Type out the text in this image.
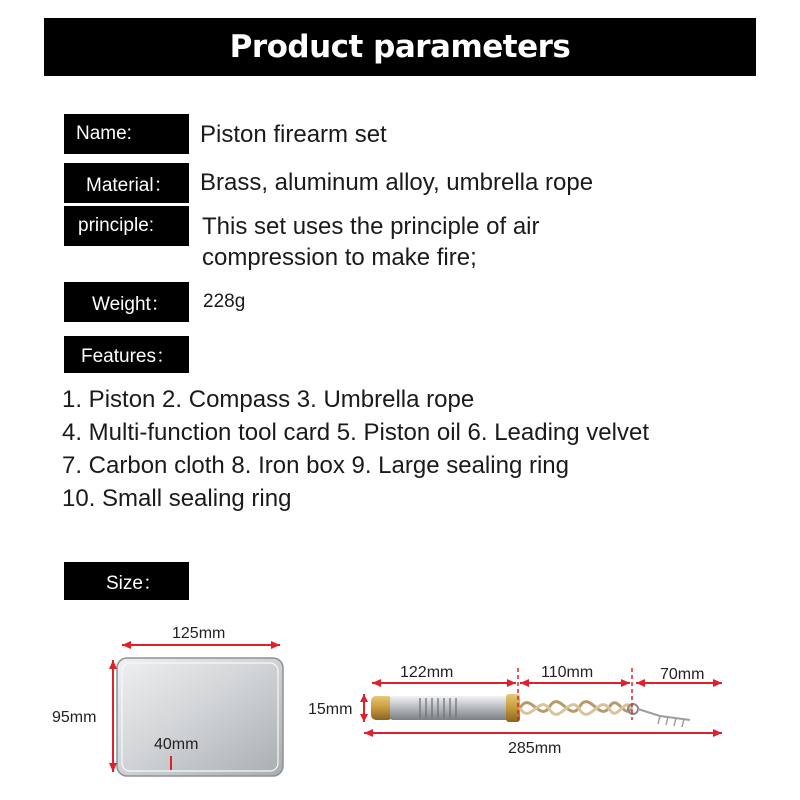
Product parameters
Name:	Piston firearm set
Material：	Brass, aluminum alloy, umbrella rope
principle:	This set uses the principle of air
compression to make fire;
Weight：	228g
Features：
1. Piston 2. Compass 3. Umbrella rope
4. Multi-function tool card 5. Piston oil 6. Leading velvet
7. Carbon cloth 8. Iron box 9. Large sealing ring
10. Small sealing ring
Size：
125mm
95mm
40mm
122mm	110mm	70mm
15mm
285mm
